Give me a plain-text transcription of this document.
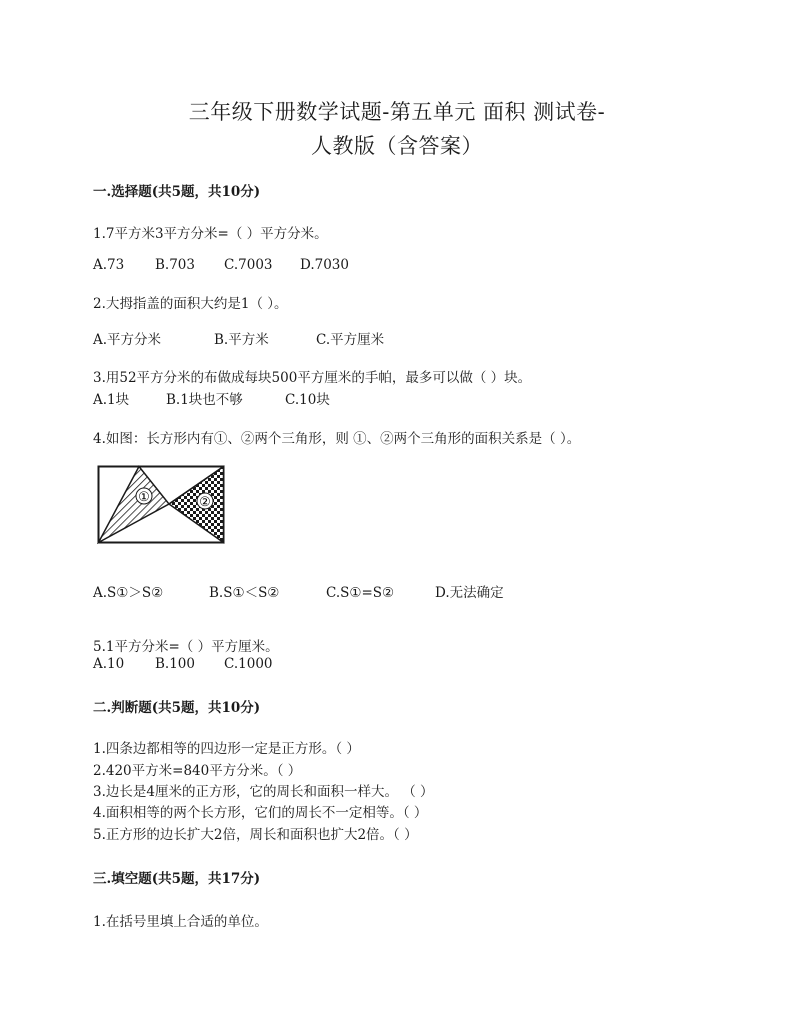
三年级下册数学试题-第五单元 面积 测试卷-
人教版（含答案）
一.选择题(共5题，共10分)
1.7平方米3平方分米=（ ）平方分米。
A.73 B.703 C.7003 D.7030
2.大拇指盖的面积大约是1（ ）。
A.平方分米	B.平方米	C.平方厘米
3.用52平方分米的布做成每块500平方厘米的手帕，最多可以做（ ）块。
A.1块	B.1块也不够	C.10块
4.如图：长方形内有①、②两个三角形，则 ①、②两个三角形的面积关系是（ ）。
①	②
A.S①＞S②	B.S①＜S②	C.S①=S②	D.无法确定
5.1平方分米=（ ）平方厘米。
A.10 B.100 C.1000
二.判断题(共5题，共10分)
1.四条边都相等的四边形一定是正方形。（ ）
2.420平方米=840平方分米。（ ）
3.边长是4厘米的正方形，它的周长和面积一样大。 （ ）
4.面积相等的两个长方形，它们的周长不一定相等。（ ）
5.正方形的边长扩大2倍，周长和面积也扩大2倍。（ ）
三.填空题(共5题，共17分)
1.在括号里填上合适的单位。
